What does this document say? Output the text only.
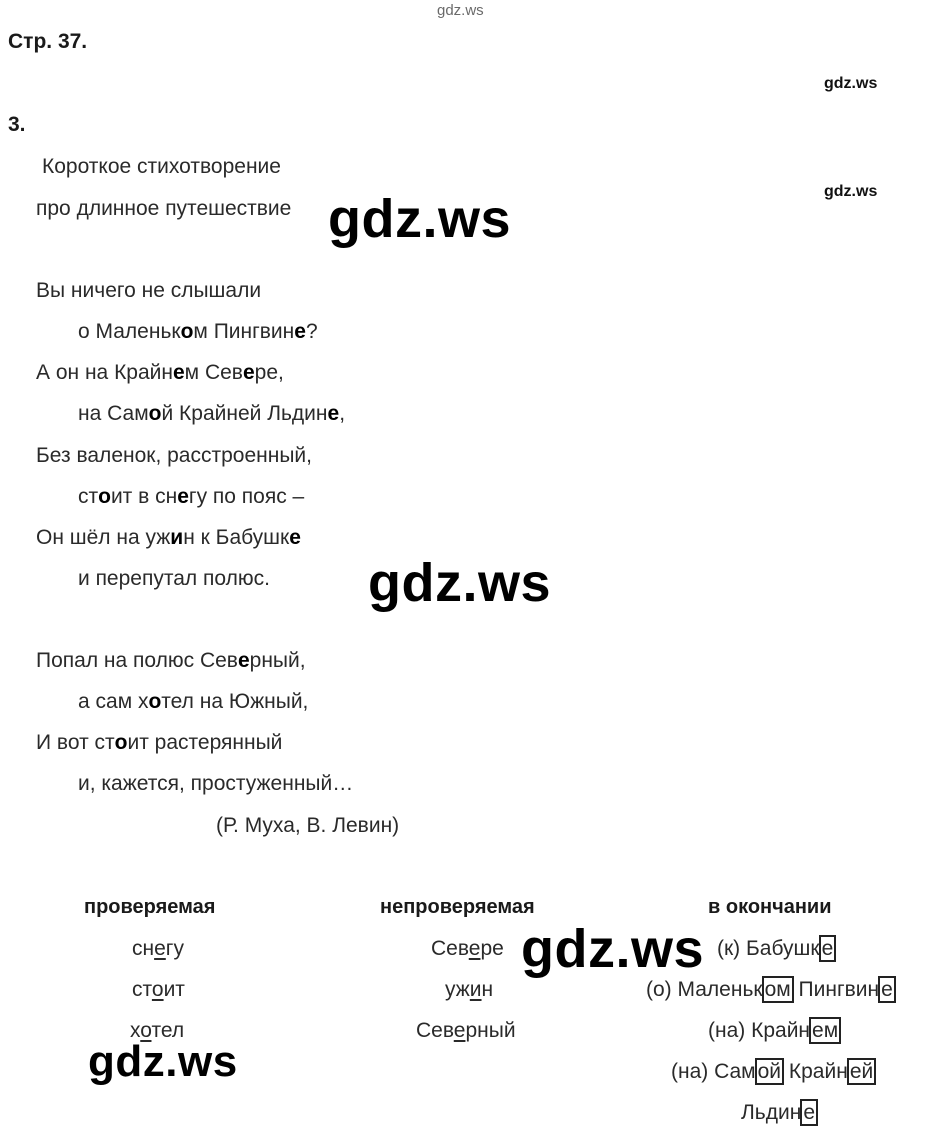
gdz.ws
Стр. 37.
gdz.ws
3.
gdz.ws
Короткое стихотворение
про длинное путешествие gdz.ws
Вы ничего не слышали
о Маленьком Пингвине?
А он на Крайнем Севере,
на Самой Крайней Льдине,
Без валенок, расстроенный,
стоит в снегу по пояс –
Он шёл на ужин к Бабушке
и перепутал полюс. gdz.ws
Попал на полюс Северный,
а сам хотел на Южный,
И вот стоит растерянный
и, кажется, простуженный…
(Р. Муха, В. Левин)
проверяемая	непроверяемая	в окончании
снегу
стоит
хотел
Севере
ужин
Северный
(к) Бабушке
(о) Маленьком Пингвине
(на) Крайнем
(на) Самой Крайней
Льдине
gdz.ws
gdz.ws
